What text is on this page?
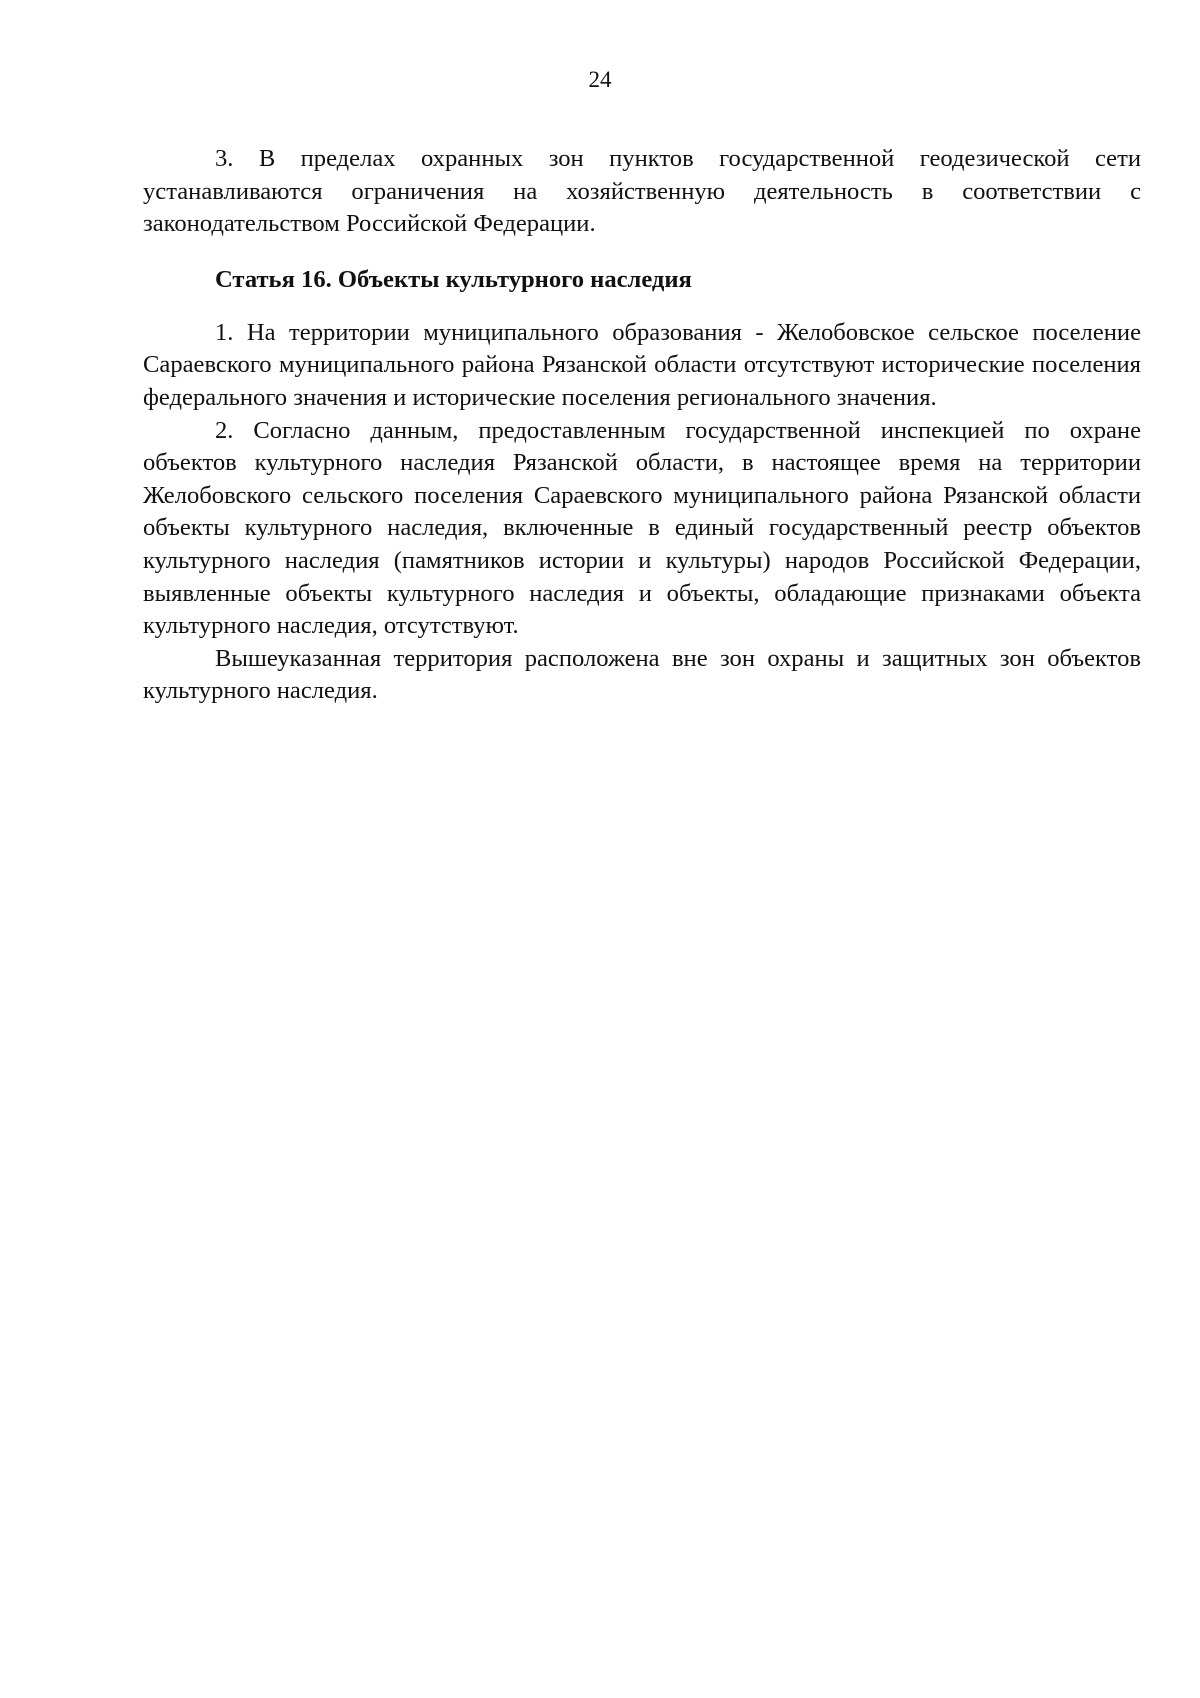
24

3. В пределах охранных зон пунктов государственной геодезической сети устанавливаются ограничения на хозяйственную деятельность в соответствии с законодательством Российской Федерации.

Статья 16. Объекты культурного наследия

1. На территории муниципального образования - Желобовское сельское поселение Сараевского муниципального района Рязанской области отсутствуют исторические поселения федерального значения и исторические поселения регионального значения.

2. Согласно данным, предоставленным государственной инспекцией по охране объектов культурного наследия Рязанской области, в настоящее время на территории Желобовского сельского поселения Сараевского муниципального района Рязанской области объекты культурного наследия, включенные в единый государственный реестр объектов культурного наследия (памятников истории и культуры) народов Российской Федерации, выявленные объекты культурного наследия и объекты, обладающие признаками объекта культурного наследия, отсутствуют.

Вышеуказанная территория расположена вне зон охраны и защитных зон объектов культурного наследия.
